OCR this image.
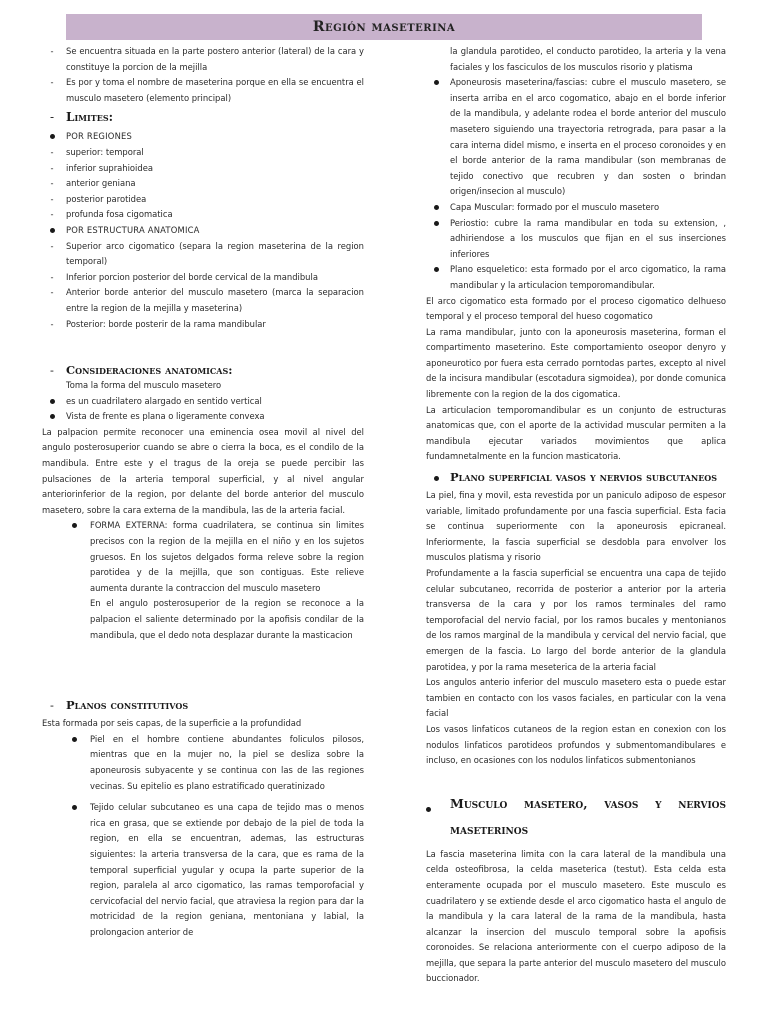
Región maseterina
-
Se encuentra situada en la parte postero anterior (lateral) de la cara y constituye la porcion de la mejilla
-
Es por y toma el nombre de maseterina porque en ella se encuentra el musculo masetero (elemento principal)
-
Limites:
POR REGIONES
-
superior: temporal
-
inferior suprahioidea
-
anterior geniana
-
posterior parotidea
-
profunda fosa cigomatica
POR ESTRUCTURA ANATOMICA
-
Superior arco cigomatico (separa la region maseterina de la region temporal)
-
Inferior porcion posterior del borde cervical de la mandibula
-
Anterior borde anterior del musculo masetero (marca la separacion entre la region de la mejilla y maseterina)
-
Posterior: borde posterir de la rama mandibular
-
Consideraciones anatomicas:

Toma la forma del musculo masetero

es un cuadrilatero alargado en sentido vertical
Vista de frente es plana o ligeramente convexa

La palpacion permite reconocer una eminencia osea movil al nivel del angulo posterosuperior cuando se abre o cierra la boca, es el condilo de la mandibula. Entre este y el tragus de la oreja se puede percibir las pulsaciones de la arteria temporal superficial, y al nivel angular anteriorinferior de la region, por delante del borde anterior del musculo masetero, sobre la cara externa de la mandibula, las de la arteria facial.

FORMA EXTERNA: forma cuadrilatera, se continua sin limites precisos con la region de la mejilla en el niño y en los sujetos gruesos. En los sujetos delgados forma releve sobre la region parotidea y de la mejilla, que son contiguas. Este relieve aumenta durante la contraccion del musculo masetero

En el angulo posterosuperior de la region se reconoce a la palpacion el saliente determinado por la apofisis condilar de la mandibula, que el dedo nota desplazar durante la masticacion

-
Planos constitutivos

Esta formada por seis capas, de la superficie a la profundidad

Piel en el hombre contiene abundantes foliculos pilosos, mientras que en la mujer no, la piel se desliza sobre la aponeurosis subyacente y se continua con las de las regiones vecinas. Su epitelio es plano estratificado queratinizado
Tejido celular subcutaneo es una capa de tejido mas o menos rica en grasa, que se extiende por debajo de la piel de toda la region, en ella se encuentran, ademas, las estructuras siguientes: la arteria transversa de la cara, que es rama de la temporal superficial yugular y ocupa la parte superior de la region, paralela al arco cigomatico, las ramas temporofacial y cervicofacial del nervio facial, que atraviesa la region para dar la motricidad de la region geniana, mentoniana y labial, la prolongacion anterior de

la glandula parotideo, el conducto parotideo, la arteria y la vena faciales y los fasciculos de los musculos risorio y platisma

Aponeurosis maseterina/fascias: cubre el musculo masetero, se inserta arriba en el arco cogomatico, abajo en el borde inferior de la mandibula, y adelante rodea el borde anterior del musculo masetero siguiendo una trayectoria retrograda, para pasar a la cara interna didel mismo, e inserta en el proceso coronoides y en el borde anterior de la rama mandibular (son membranas de tejido conectivo que recubren y dan sosten o brindan origen/insecion al musculo)
Capa Muscular: formado por el musculo masetero
Periostio: cubre la rama mandibular en toda su extension, , adhiriendose a los musculos que fijan en el sus inserciones inferiores
Plano esqueletico: esta formado por el arco cigomatico, la rama mandibular y la articulacion temporomandibular.

El arco cigomatico esta formado por el proceso cigomatico delhueso temporal y el proceso temporal del hueso cogomatico

La rama mandibular, junto con la aponeurosis maseterina, forman el compartimento maseterino. Este comportamiento oseopor denyro y aponeurotico por fuera esta cerrado porntodas partes, excepto al nivel de la incisura mandibular (escotadura sigmoidea), por donde comunica libremente con la region de la dos cigomatica.

La articulacion temporomandibular es un conjunto de estructuras anatomicas que, con el aporte de la actividad muscular permiten a la mandibula ejecutar variados movimientos que aplica fundamnetalmente en la funcion masticatoria.

Plano superficial vasos y nervios subcutaneos

La piel, fina y movil, esta revestida por un paniculo adiposo de espesor variable, limitado profundamente por una fascia superficial. Esta facia se continua superiormente con la aponeurosis epicraneal. Inferiormente, la fascia superficial se desdobla para envolver los musculos platisma y risorio

Profundamente a la fascia superficial se encuentra una capa de tejido celular subcutaneo, recorrida de posterior a anterior por la arteria transversa de la cara y por los ramos terminales del ramo temporofacial del nervio facial, por los ramos bucales y mentonianos de los ramos marginal de la mandibula y cervical del nervio facial, que emergen de la fascia. Lo largo del borde anterior de la glandula parotidea, y por la rama meseterica de la arteria facial

Los angulos anterio inferior del musculo masetero esta o puede estar tambien en contacto con los vasos faciales, en particular con la vena facial

Los vasos linfaticos cutaneos de la region estan en conexion con los nodulos linfaticos parotideos profundos y submentomandibulares e incluso, en ocasiones con los nodulos linfaticos submentonianos

Musculo masetero, vasos y nervios maseterinos

La fascia maseterina limita con la cara lateral de la mandibula una celda osteofibrosa, la celda maseterica (testut). Esta celda esta enteramente ocupada por el musculo masetero. Este musculo es cuadrilatero y se extiende desde el arco cigomatico hasta el angulo de la mandibula y la cara lateral de la rama de la mandibula, hasta alcanzar la insercion del musculo temporal sobre la apofisis coronoides. Se relaciona anteriormente con el cuerpo adiposo de la mejilla, que separa la parte anterior del musculo masetero del musculo buccionador.
